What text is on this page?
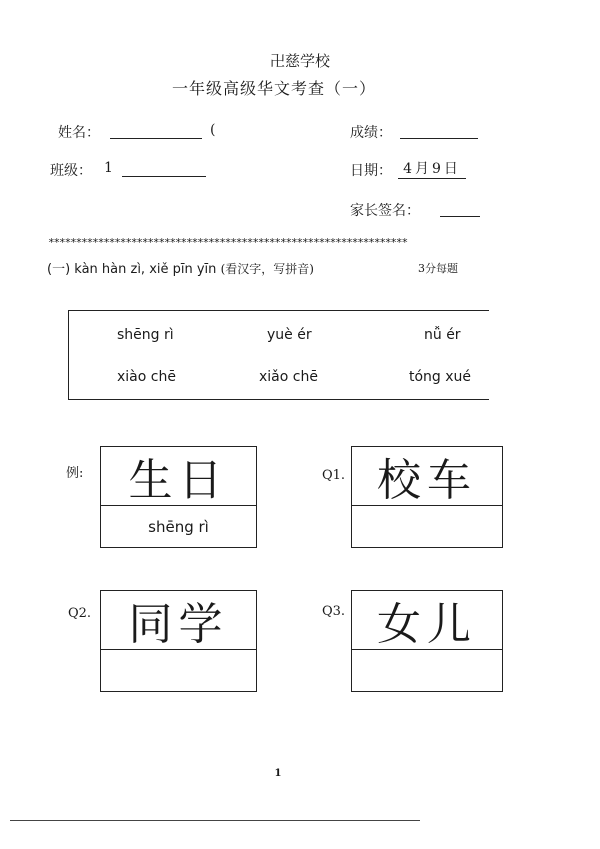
卍慈学校
一年级高级华文考查（一）
姓名：	(	成绩：
班级： 1	日期： 4月9日
家长签名：
*****************************************************************
(一) kàn hàn zì, xiě pīn yīn (看汉字，写拼音)	3分每题
shēng rì	yuè ér	nǚ ér
xiào chē	xiǎo chē	tóng xué
例:	生日
shēng rì
Q1. 校车
Q2. 同学	Q3. 女儿
1
